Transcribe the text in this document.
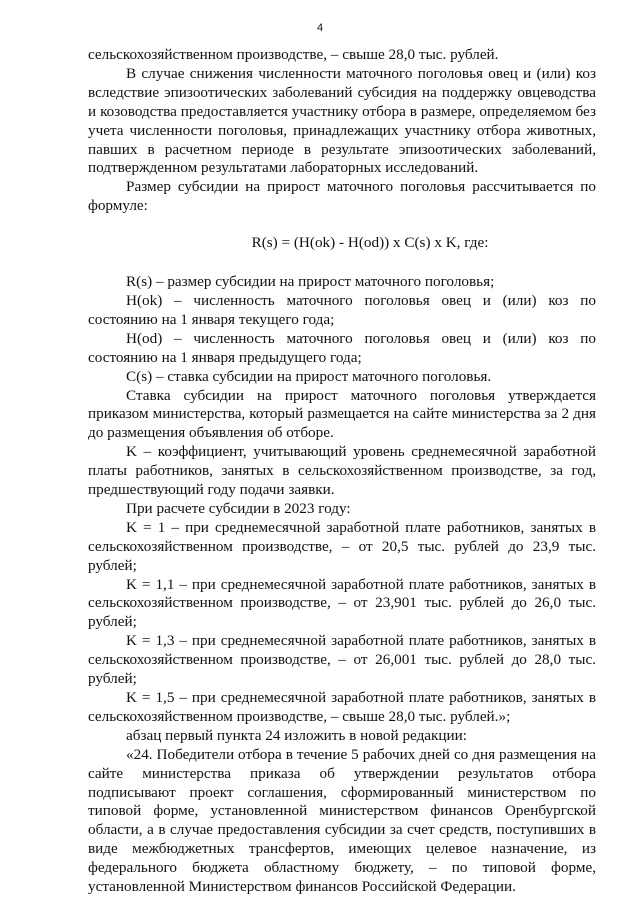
4

сельскохозяйственном производстве, – свыше 28,0 тыс. рублей.

В случае снижения численности маточного поголовья овец и (или) коз вследствие эпизоотических заболеваний субсидия на поддержку овцеводства и козоводства предоставляется участнику отбора в размере, определяемом без учета численности поголовья, принадлежащих участнику отбора животных, павших в расчетном периоде в результате эпизоотических заболеваний, подтвержденном результатами лабораторных исследований.

Размер субсидии на прирост маточного поголовья рассчитывается по формуле:

R(s) = (H(ok) - H(od)) x C(s) x K, где:

R(s) – размер субсидии на прирост маточного поголовья;

H(ok) – численность маточного поголовья овец и (или) коз по состоянию на 1 января текущего года;

H(od) – численность маточного поголовья овец и (или) коз по состоянию на 1 января предыдущего года;

C(s) – ставка субсидии на прирост маточного поголовья.

Ставка субсидии на прирост маточного поголовья утверждается приказом министерства, который размещается на сайте министерства за 2 дня до размещения объявления об отборе.

K – коэффициент, учитывающий уровень среднемесячной заработной платы работников, занятых в сельскохозяйственном производстве, за год, предшествующий году подачи заявки.

При расчете субсидии в 2023 году:

K = 1 – при среднемесячной заработной плате работников, занятых в сельскохозяйственном производстве, – от 20,5 тыс. рублей до 23,9 тыс. рублей;

K = 1,1 – при среднемесячной заработной плате работников, занятых в сельскохозяйственном производстве, – от 23,901 тыс. рублей до 26,0 тыс. рублей;

K = 1,3 – при среднемесячной заработной плате работников, занятых в сельскохозяйственном производстве, – от 26,001 тыс. рублей до 28,0 тыс. рублей;

K = 1,5 – при среднемесячной заработной плате работников, занятых в сельскохозяйственном производстве, – свыше 28,0 тыс. рублей.»;

абзац первый пункта 24 изложить в новой редакции:

«24. Победители отбора в течение 5 рабочих дней со дня размещения на сайте министерства приказа об утверждении результатов отбора подписывают проект соглашения, сформированный министерством по типовой форме, установленной министерством финансов Оренбургской области, а в случае предоставления субсидии за счет средств, поступивших в виде межбюджетных трансфертов, имеющих целевое назначение, из федерального бюджета областному бюджету, – по типовой форме, установленной Министерством финансов Российской Федерации.
